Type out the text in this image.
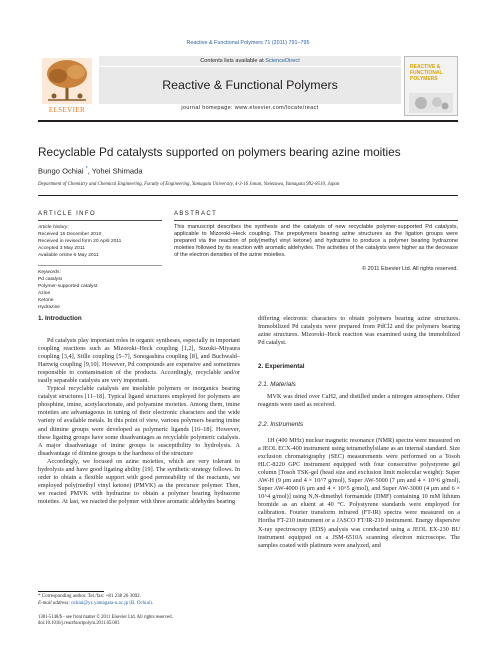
Reactive & Functional Polymers 71 (2011) 791–795
ELSEVIER
Contents lists available at ScienceDirect
Reactive & Functional Polymers
journal homepage: www.elsevier.com/locate/react
REACTIVE & FUNCTIONAL POLYMERS
Recyclable Pd catalysts supported on polymers bearing azine moities
Bungo Ochiai *, Yohei Shimada
Department of Chemistry and Chemical Engineering, Faculty of Engineering, Yamagata University, 4-3-16 Jonan, Yonezawa, Yamagata 992-8510, Japan
ARTICLE INFO
Article history:
Received 15 December 2010
Received in revised form 20 April 2011
Accepted 3 May 2011
Available online 6 May 2011
Keywords:
Pd catalyst
Polymer-supported catalyst
Azine
Ketone
Hydrazine
ABSTRACT
This manuscript describes the synthesis and the catalysis of new recyclable polymer-supported Pd catalysts, applicable to Mizoroki–Heck coupling. The prepolymers bearing azine structures as the ligation groups were prepared via the reaction of poly(methyl vinyl ketone) and hydrazine to produce a polymer bearing hydrazone moieties followed by its reaction with aromatic aldehydes. The activities of the catalysts were higher as the decrease of the electron densities of the azine moieties.
© 2011 Elsevier Ltd. All rights reserved.
1. Introduction

Pd catalysts play important roles in organic syntheses, especially in important coupling reactions such as Mizoroki–Heck coupling [1,2], Suzuki–Miyaura coupling [3,4], Stille coupling [5–7], Sonogashira coupling [8], and Buchwald–Hartwig coupling [9,10]. However, Pd compounds are expensive and sometimes responsible to contamination of the products. Accordingly, recyclable and/or easily separable catalysts are very important.

Typical recyclable catalysts are insoluble polymers or inorganics bearing catalyst structures [11–18]. Typical ligand structures employed for polymers are phosphine, imine, acetylacetonate, and polyamine moieties. Among them, imine moieties are advantageous in tuning of their electronic characters and the wide variety of available metals. In this point of view, various polymers bearing imine and diimine groups were developed as polymeric ligands [16–18]. However, these ligating groups have some disadvantages as recyclable polymeric catalysts. A major disadvantage of imine groups is susceptibility to hydrolysis. A disadvantage of diimine groups is the hardness of the structure

Accordingly, we focused on azine moieties, which are very tolerant to hydrolysis and have good ligating ability [19]. The synthetic strategy follows. In order to obtain a flexible support with good permeability of the reactants, we employed poly(methyl vinyl ketone) (PMVK) as the precursor polymer. Then, we reacted PMVK with hydrazine to obtain a polymer bearing hydrazone moieties. At last, we reacted the polymer with three aromatic aldehydes bearing

differing electronic characters to obtain polymers bearing azine structures. Immobilized Pd catalysts were prepared from PdCl2 and the polymers bearing azine structures. Mizoroki–Heck reaction was examined using the immobilized Pd catalyst.
2. Experimental
2.1. Materials

MVK was dried over CaH2, and distilled under a nitrogen atmosphere. Other reagents were used as received.

2.2. Instruments

1H (400 MHz) nuclear magnetic resonance (NMR) spectra were measured on a JEOL ECX-400 instrument using tetramethylsilane as an internal standard. Size exclusion chromatography (SEC) measurements were performed on a Tosoh HLC-8220 GPC instrument equipped with four consecutive polystyrene gel column [Tosoh TSK-gel (bead size and exclusion limit molecular weight): Super AW-H (9 μm and 4 × 10^7 g/mol), Super AW-5000 (7 μm and 4 × 10^6 g/mol), Super AW-4000 (6 μm and 4 × 10^5 g/mol), and Super AW-3000 (4 μm and 6 × 10^4 g/mol)] using N,N-dimethyl formamide (DMF) containing 10 mM lithium bromide as an eluent at 40 °C. Polystyrene standards were employed for calibration. Fourier transform infrared (FT-IR) spectra were measured on a Horiba FT-210 instrument or a JASCO FT/IR-210 instrument. Energy dispersive X-ray spectroscopy (EDS) analysis was conducted using a JEOL EX-230 BU instrument equipped on a JSM-6510A scanning electron microscope. The samples coated with platinum were analyzed, and

* Corresponding author. Tel./fax: +81 238 26 3092.
E-mail address: ochiai@yz.yamagata-u.ac.jp (B. Ochiai).
1381-5148/$ - see front matter © 2011 Elsevier Ltd. All rights reserved.
doi:10.1016/j.reactfunctpolym.2011.05.003
